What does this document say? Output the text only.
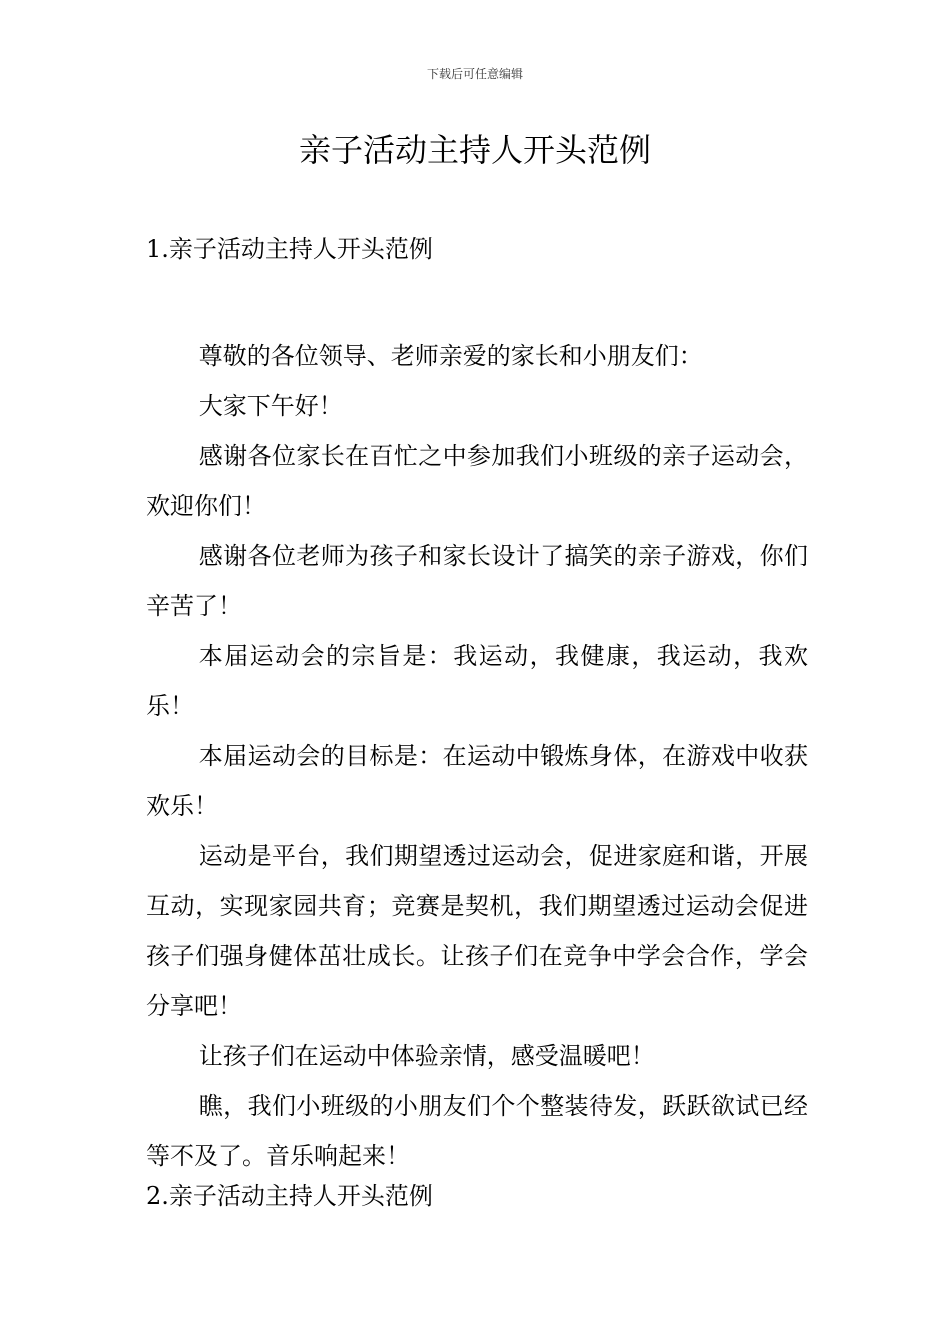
下载后可任意编辑
亲子活动主持人开头范例
1.亲子活动主持人开头范例

尊敬的各位领导、老师亲爱的家长和小朋友们：

大家下午好！

感谢各位家长在百忙之中参加我们小班级的亲子运动会，欢迎你们！

感谢各位老师为孩子和家长设计了搞笑的亲子游戏，你们辛苦了！

本届运动会的宗旨是：我运动，我健康，我运动，我欢乐！

本届运动会的目标是：在运动中锻炼身体，在游戏中收获欢乐！

运动是平台，我们期望透过运动会，促进家庭和谐，开展互动，实现家园共育；竞赛是契机，我们期望透过运动会促进孩子们强身健体茁壮成长。让孩子们在竞争中学会合作，学会分享吧！

让孩子们在运动中体验亲情，感受温暖吧！

瞧，我们小班级的小朋友们个个整装待发，跃跃欲试已经等不及了。音乐响起来！

2.亲子活动主持人开头范例
